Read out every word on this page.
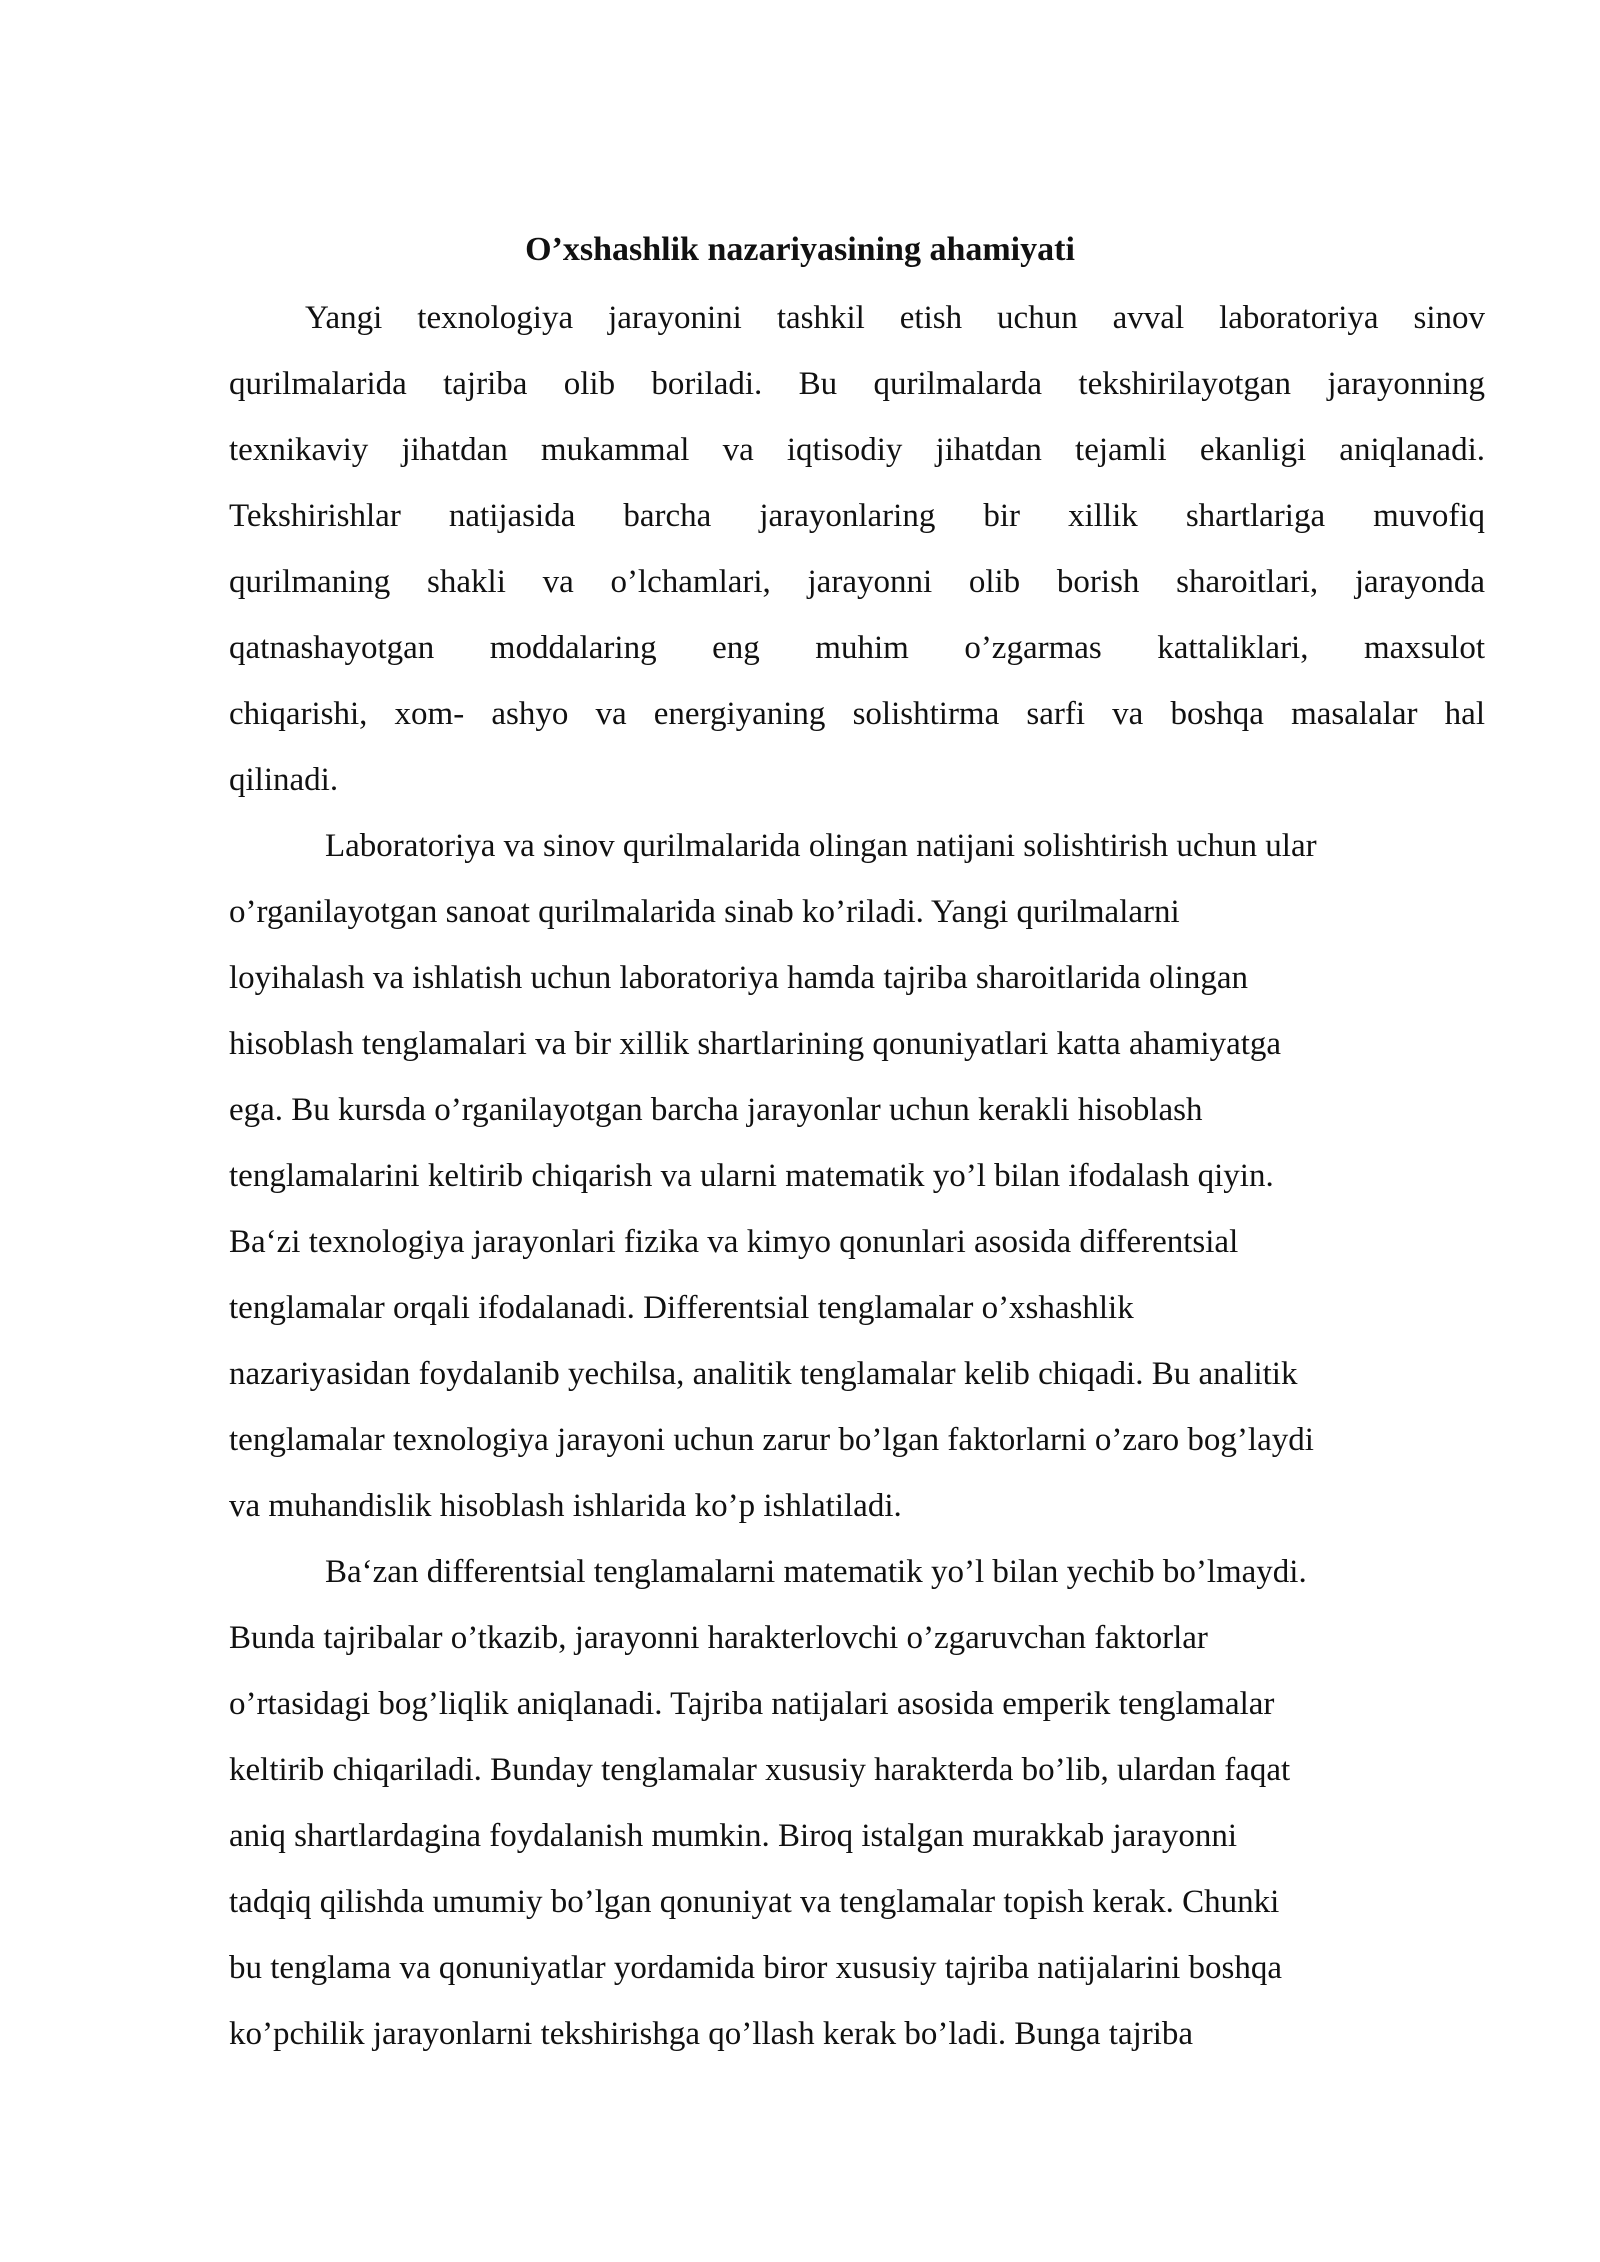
O’xshashlik nazariyasining ahamiyati

Yangi texnologiya jarayonini tashkil etish uchun avval laboratoriya sinov

qurilmalarida tajriba olib boriladi. Bu qurilmalarda tekshirilayotgan jarayonning

texnikaviy jihatdan mukammal va iqtisodiy jihatdan tejamli ekanligi aniqlanadi.

Tekshirishlar natijasida barcha jarayonlaring bir xillik shartlariga muvofiq

qurilmaning shakli va o’lchamlari, jarayonni olib borish sharoitlari, jarayonda

qatnashayotgan moddalaring eng muhim o’zgarmas kattaliklari, maxsulot

chiqarishi, xom- ashyo va energiyaning solishtirma sarfi va boshqa masalalar hal

qilinadi.

Laboratoriya va sinov qurilmalarida olingan natijani solishtirish uchun ular

o’rganilayotgan sanoat qurilmalarida sinab ko’riladi. Yangi qurilmalarni

loyihalash va ishlatish uchun laboratoriya hamda tajriba sharoitlarida olingan

hisoblash tenglamalari va bir xillik shartlarining qonuniyatlari katta ahamiyatga

ega. Bu kursda o’rganilayotgan barcha jarayonlar uchun kerakli hisoblash

tenglamalarini keltirib chiqarish va ularni matematik yo’l bilan ifodalash qiyin.

Ba‘zi texnologiya jarayonlari fizika va kimyo qonunlari asosida differentsial

tenglamalar orqali ifodalanadi. Differentsial tenglamalar o’xshashlik

nazariyasidan foydalanib yechilsa, analitik tenglamalar kelib chiqadi. Bu analitik

tenglamalar texnologiya jarayoni uchun zarur bo’lgan faktorlarni o’zaro bog’laydi

va muhandislik hisoblash ishlarida ko’p ishlatiladi.

Ba‘zan differentsial tenglamalarni matematik yo’l bilan yechib bo’lmaydi.

Bunda tajribalar o’tkazib, jarayonni harakterlovchi o’zgaruvchan faktorlar

o’rtasidagi bog’liqlik aniqlanadi. Tajriba natijalari asosida emperik tenglamalar

keltirib chiqariladi. Bunday tenglamalar xususiy harakterda bo’lib, ulardan faqat

aniq shartlardagina foydalanish mumkin. Biroq istalgan murakkab jarayonni

tadqiq qilishda umumiy bo’lgan qonuniyat va tenglamalar topish kerak. Chunki

bu tenglama va qonuniyatlar yordamida biror xususiy tajriba natijalarini boshqa

ko’pchilik jarayonlarni tekshirishga qo’llash kerak bo’ladi. Bunga tajriba
